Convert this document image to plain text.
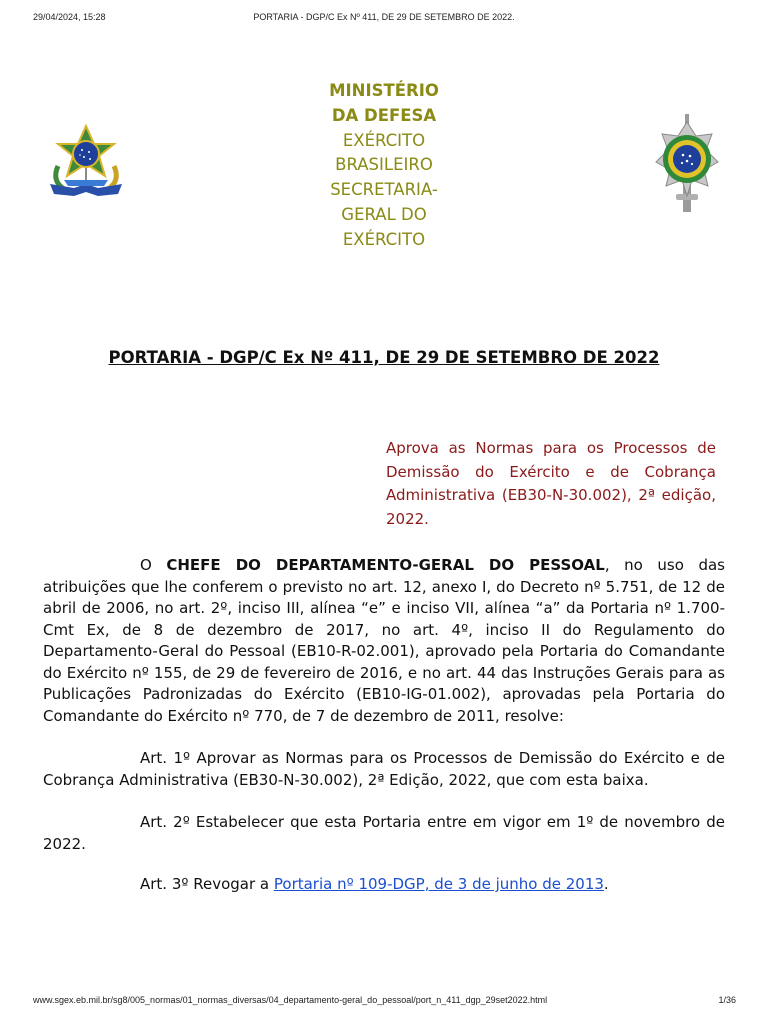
29/04/2024, 15:28	PORTARIA - DGP/C Ex Nº 411, DE 29 DE SETEMBRO DE 2022.
MINISTÉRIO
DA DEFESA
EXÉRCITO
BRASILEIRO
SECRETARIA-
GERAL DO
EXÉRCITO
PORTARIA - DGP/C Ex Nº 411, DE 29 DE SETEMBRO DE 2022
Aprova as Normas para os Processos de Demissão do Exército e de Cobrança Administrativa (EB30-N-30.002), 2ª edição, 2022.
O CHEFE DO DEPARTAMENTO-GERAL DO PESSOAL, no uso das atribuições que lhe conferem o previsto no art. 12, anexo I, do Decreto nº 5.751, de 12 de abril de 2006, no art. 2º, inciso III, alínea “e” e inciso VII, alínea “a” da Portaria nº 1.700-Cmt Ex, de 8 de dezembro de 2017, no art. 4º, inciso II do Regulamento do Departamento-Geral do Pessoal (EB10-R-02.001), aprovado pela Portaria do Comandante do Exército nº 155, de 29 de fevereiro de 2016, e no art. 44 das Instruções Gerais para as Publicações Padronizadas do Exército (EB10-IG-01.002), aprovadas pela Portaria do Comandante do Exército nº 770, de 7 de dezembro de 2011, resolve:
Art. 1º Aprovar as Normas para os Processos de Demissão do Exército e de Cobrança Administrativa (EB30-N-30.002), 2ª Edição, 2022, que com esta baixa.
Art. 2º Estabelecer que esta Portaria entre em vigor em 1º de novembro de 2022.
Art. 3º Revogar a Portaria nº 109-DGP, de 3 de junho de 2013.
www.sgex.eb.mil.br/sg8/005_normas/01_normas_diversas/04_departamento-geral_do_pessoal/port_n_411_dgp_29set2022.html	1/36
